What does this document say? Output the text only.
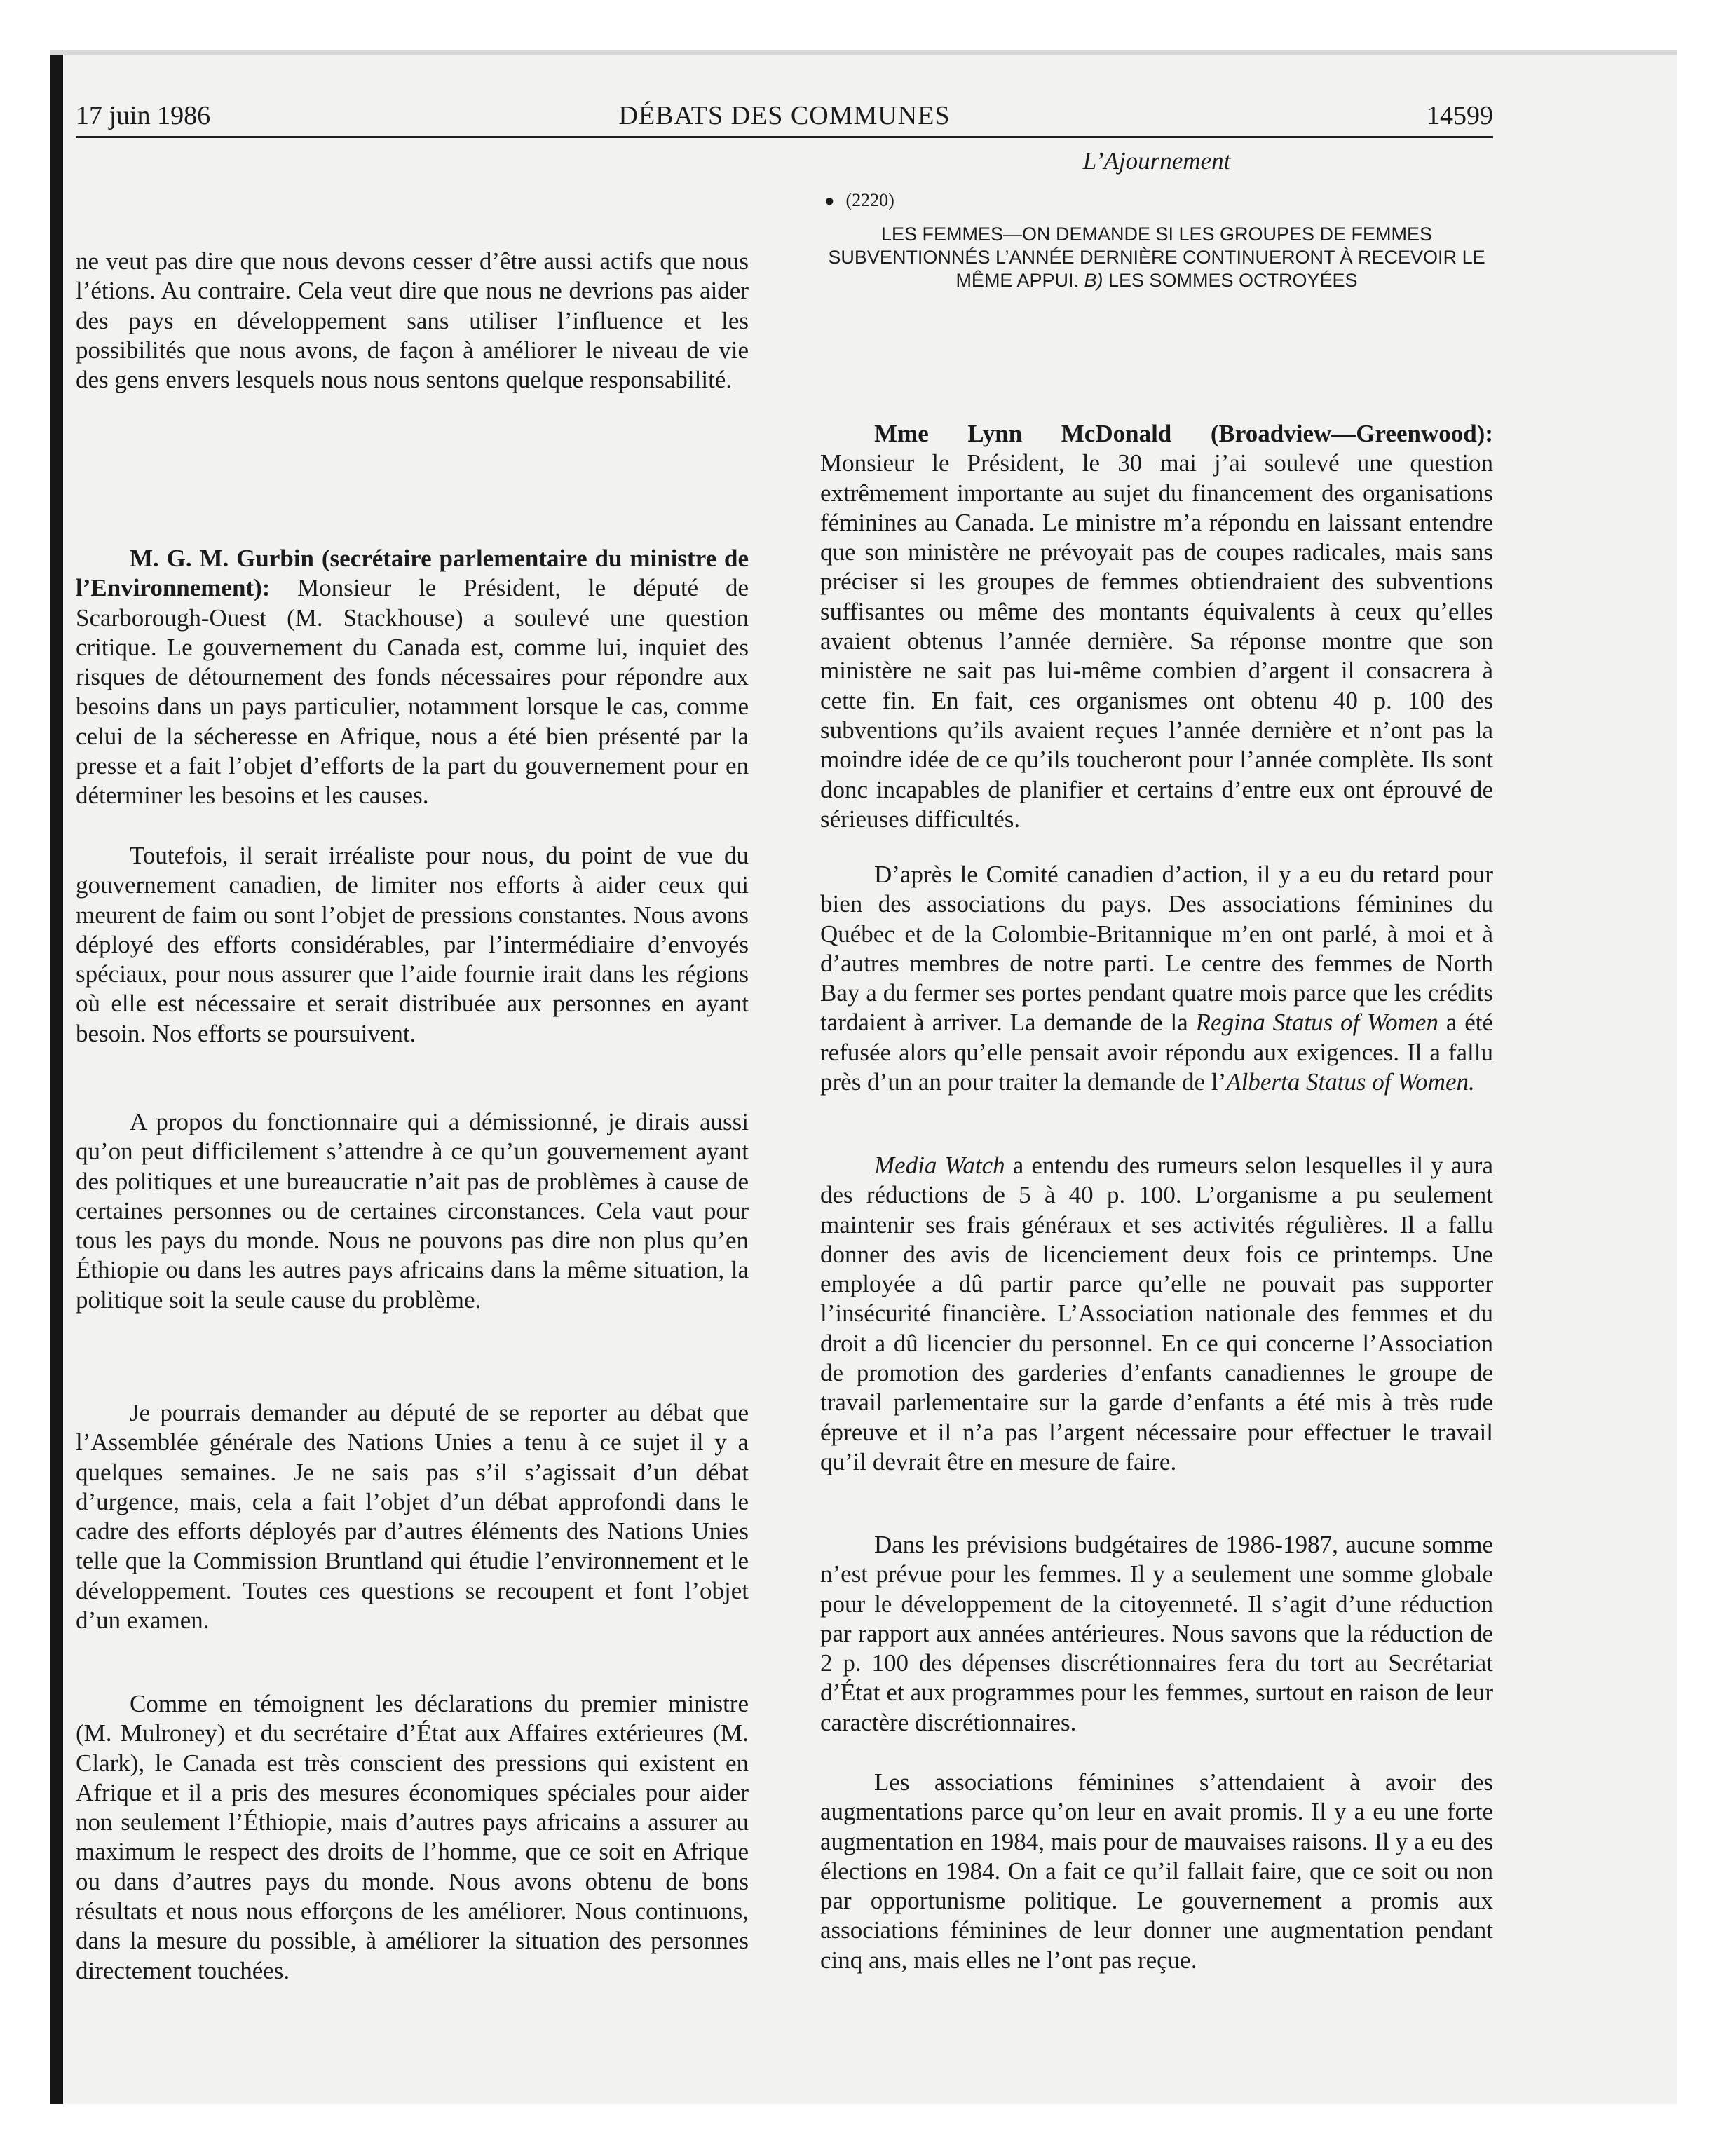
17 juin 1986	DÉBATS DES COMMUNES	14599

ne veut pas dire que nous devons cesser d’être aussi actifs que nous l’étions. Au contraire. Cela veut dire que nous ne devrions pas aider des pays en développement sans utiliser l’influence et les possibilités que nous avons, de façon à améliorer le niveau de vie des gens envers lesquels nous nous sentons quelque responsabilité.

M. G. M. Gurbin (secrétaire parlementaire du ministre de l’Environnement): Monsieur le Président, le député de Scarborough-Ouest (M. Stackhouse) a soulevé une question critique. Le gouvernement du Canada est, comme lui, inquiet des risques de détournement des fonds nécessaires pour répondre aux besoins dans un pays particulier, notamment lorsque le cas, comme celui de la sécheresse en Afrique, nous a été bien présenté par la presse et a fait l’objet d’efforts de la part du gouvernement pour en déterminer les besoins et les causes.

Toutefois, il serait irréaliste pour nous, du point de vue du gouvernement canadien, de limiter nos efforts à aider ceux qui meurent de faim ou sont l’objet de pressions constantes. Nous avons déployé des efforts considérables, par l’intermédiaire d’envoyés spéciaux, pour nous assurer que l’aide fournie irait dans les régions où elle est nécessaire et serait distribuée aux personnes en ayant besoin. Nos efforts se poursuivent.

A propos du fonctionnaire qui a démissionné, je dirais aussi qu’on peut difficilement s’attendre à ce qu’un gouvernement ayant des politiques et une bureaucratie n’ait pas de problèmes à cause de certaines personnes ou de certaines circonstances. Cela vaut pour tous les pays du monde. Nous ne pouvons pas dire non plus qu’en Éthiopie ou dans les autres pays africains dans la même situation, la politique soit la seule cause du problème.

Je pourrais demander au député de se reporter au débat que l’Assemblée générale des Nations Unies a tenu à ce sujet il y a quelques semaines. Je ne sais pas s’il s’agissait d’un débat d’urgence, mais, cela a fait l’objet d’un débat approfondi dans le cadre des efforts déployés par d’autres éléments des Nations Unies telle que la Commission Bruntland qui étudie l’environnement et le développement. Toutes ces questions se recoupent et font l’objet d’un examen.

Comme en témoignent les déclarations du premier ministre (M. Mulroney) et du secrétaire d’État aux Affaires extérieures (M. Clark), le Canada est très conscient des pressions qui existent en Afrique et il a pris des mesures économiques spéciales pour aider non seulement l’Éthiopie, mais d’autres pays africains a assurer au maximum le respect des droits de l’homme, que ce soit en Afrique ou dans d’autres pays du monde. Nous avons obtenu de bons résultats et nous nous efforçons de les améliorer. Nous continuons, dans la mesure du possible, à améliorer la situation des personnes directement touchées.

L’Ajournement
● (2220)
LES FEMMES—ON DEMANDE SI LES GROUPES DE FEMMES SUBVENTIONNÉS L’ANNÉE DERNIÈRE CONTINUERONT À RECEVOIR LE MÊME APPUI. B) LES SOMMES OCTROYÉES

Mme Lynn McDonald (Broadview—Greenwood): Monsieur le Président, le 30 mai j’ai soulevé une question extrêmement importante au sujet du financement des organisations féminines au Canada. Le ministre m’a répondu en laissant entendre que son ministère ne prévoyait pas de coupes radicales, mais sans préciser si les groupes de femmes obtiendraient des subventions suffisantes ou même des montants équivalents à ceux qu’elles avaient obtenus l’année dernière. Sa réponse montre que son ministère ne sait pas lui-même combien d’argent il consacrera à cette fin. En fait, ces organismes ont obtenu 40 p. 100 des subventions qu’ils avaient reçues l’année dernière et n’ont pas la moindre idée de ce qu’ils toucheront pour l’année complète. Ils sont donc incapables de planifier et certains d’entre eux ont éprouvé de sérieuses difficultés.

D’après le Comité canadien d’action, il y a eu du retard pour bien des associations du pays. Des associations féminines du Québec et de la Colombie-Britannique m’en ont parlé, à moi et à d’autres membres de notre parti. Le centre des femmes de North Bay a du fermer ses portes pendant quatre mois parce que les crédits tardaient à arriver. La demande de la Regina Status of Women a été refusée alors qu’elle pensait avoir répondu aux exigences. Il a fallu près d’un an pour traiter la demande de l’Alberta Status of Women.

Media Watch a entendu des rumeurs selon lesquelles il y aura des réductions de 5 à 40 p. 100. L’organisme a pu seulement maintenir ses frais généraux et ses activités régulières. Il a fallu donner des avis de licenciement deux fois ce printemps. Une employée a dû partir parce qu’elle ne pouvait pas supporter l’insécurité financière. L’Association nationale des femmes et du droit a dû licencier du personnel. En ce qui concerne l’Association de promotion des garderies d’enfants canadiennes le groupe de travail parlementaire sur la garde d’enfants a été mis à très rude épreuve et il n’a pas l’argent nécessaire pour effectuer le travail qu’il devrait être en mesure de faire.

Dans les prévisions budgétaires de 1986-1987, aucune somme n’est prévue pour les femmes. Il y a seulement une somme globale pour le développement de la citoyenneté. Il s’agit d’une réduction par rapport aux années antérieures. Nous savons que la réduction de 2 p. 100 des dépenses discrétionnaires fera du tort au Secrétariat d’État et aux programmes pour les femmes, surtout en raison de leur caractère discrétionnaires.

Les associations féminines s’attendaient à avoir des augmentations parce qu’on leur en avait promis. Il y a eu une forte augmentation en 1984, mais pour de mauvaises raisons. Il y a eu des élections en 1984. On a fait ce qu’il fallait faire, que ce soit ou non par opportunisme politique. Le gouvernement a promis aux associations féminines de leur donner une augmentation pendant cinq ans, mais elles ne l’ont pas reçue.
